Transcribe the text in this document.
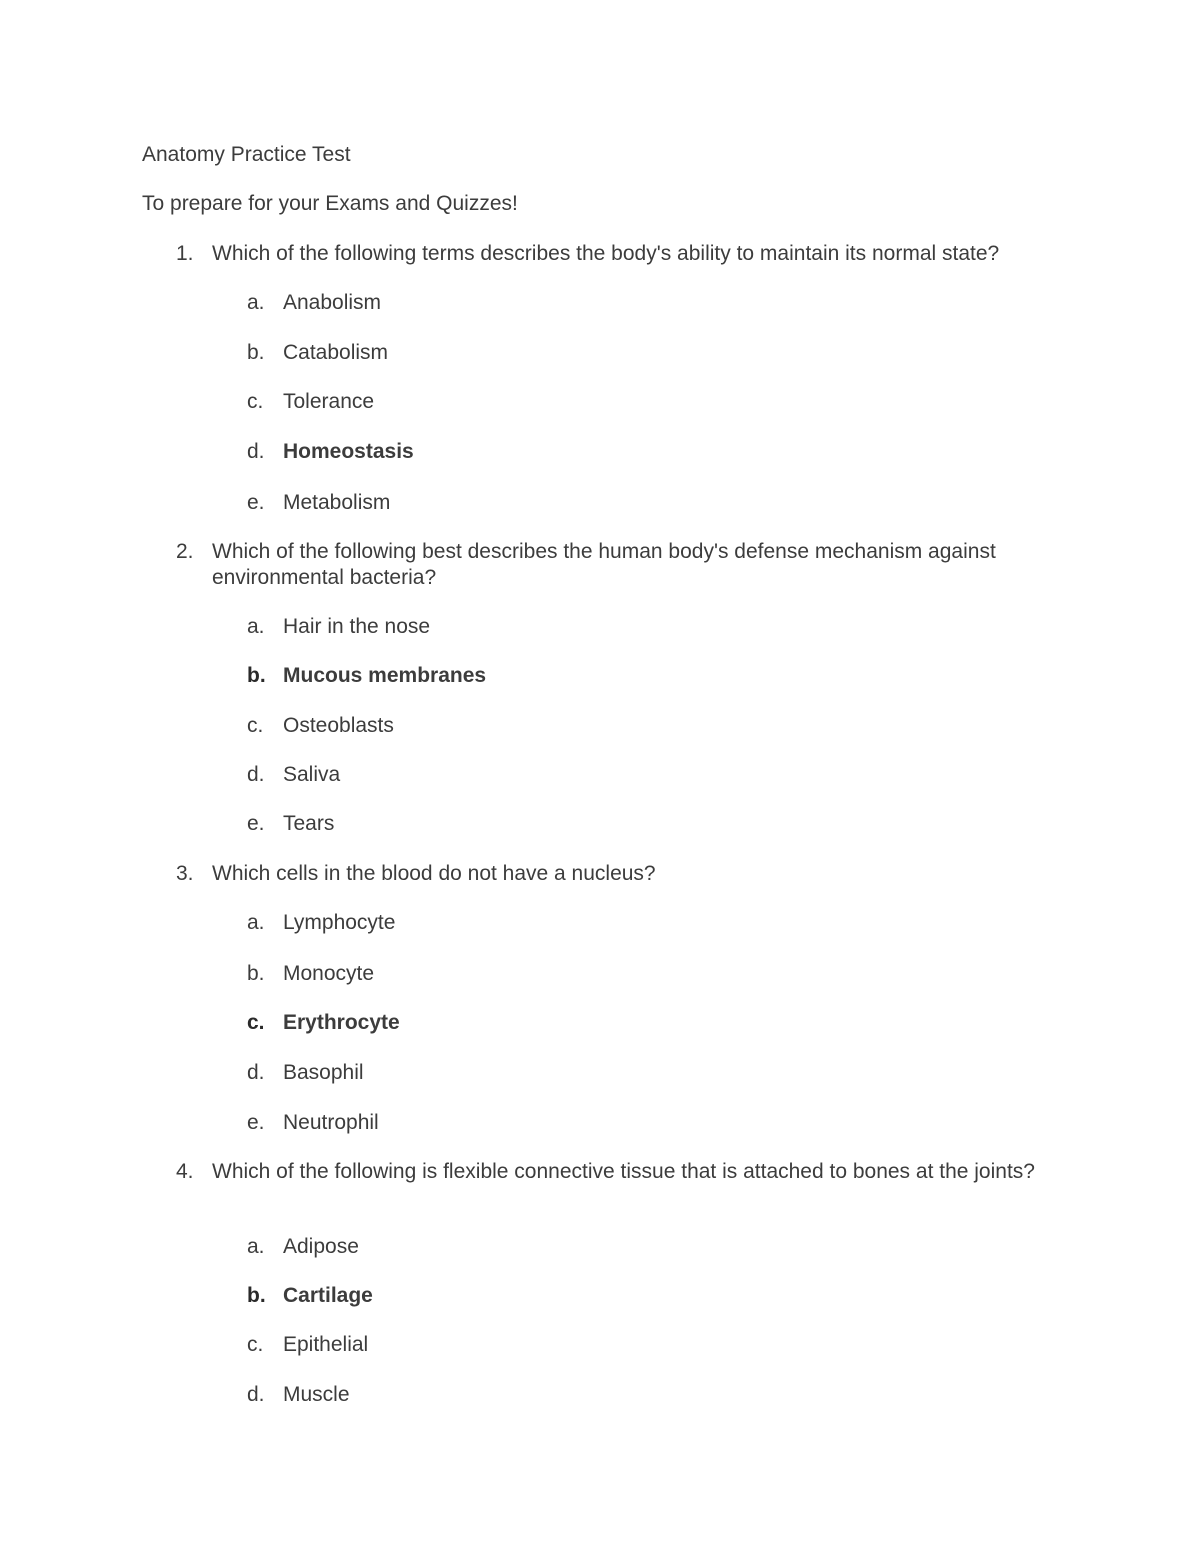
Anatomy Practice Test

To prepare for your Exams and Quizzes!

1. Which of the following terms describes the body's ability to maintain its normal state?
a. Anabolism
b. Catabolism
c. Tolerance
d. Homeostasis
e. Metabolism
2. Which of the following best describes the human body's defense mechanism against environmental bacteria?
a. Hair in the nose
b. Mucous membranes
c. Osteoblasts
d. Saliva
e. Tears
3. Which cells in the blood do not have a nucleus?
a. Lymphocyte
b. Monocyte
c. Erythrocyte
d. Basophil
e. Neutrophil
4. Which of the following is flexible connective tissue that is attached to bones at the joints?
a. Adipose
b. Cartilage
c. Epithelial
d. Muscle
